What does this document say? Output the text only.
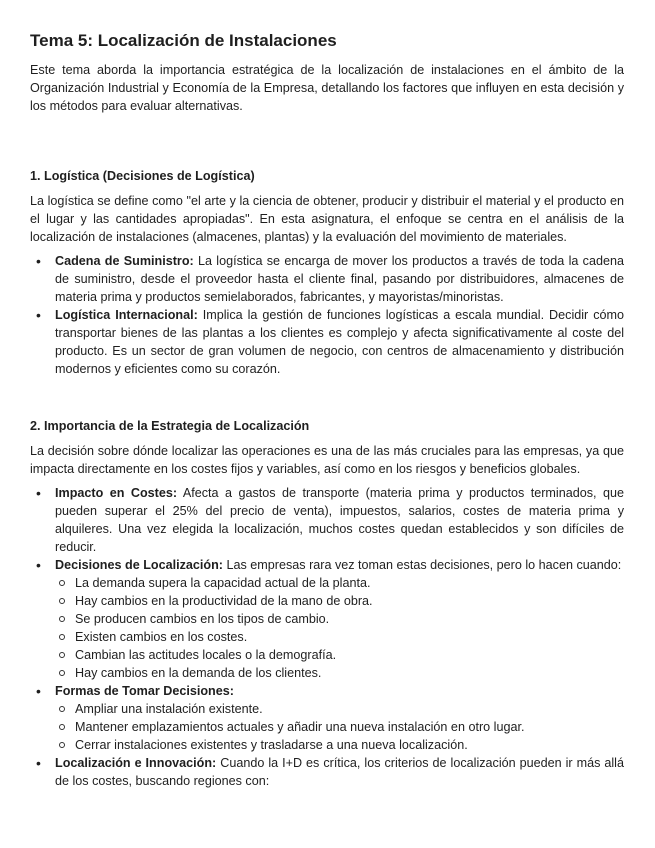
Tema 5: Localización de Instalaciones

Este tema aborda la importancia estratégica de la localización de instalaciones en el ámbito de la Organización Industrial y Economía de la Empresa, detallando los factores que influyen en esta decisión y los métodos para evaluar alternativas.

1. Logística (Decisiones de Logística)

La logística se define como "el arte y la ciencia de obtener, producir y distribuir el material y el producto en el lugar y las cantidades apropiadas". En esta asignatura, el enfoque se centra en el análisis de la localización de instalaciones (almacenes, plantas) y la evaluación del movimiento de materiales.

• Cadena de Suministro: La logística se encarga de mover los productos a través de toda la cadena de suministro, desde el proveedor hasta el cliente final, pasando por distribuidores, almacenes de materia prima y productos semielaborados, fabricantes, y mayoristas/minoristas.
• Logística Internacional: Implica la gestión de funciones logísticas a escala mundial. Decidir cómo transportar bienes de las plantas a los clientes es complejo y afecta significativamente al coste del producto. Es un sector de gran volumen de negocio, con centros de almacenamiento y distribución modernos y eficientes como su corazón.
2. Importancia de la Estrategia de Localización

La decisión sobre dónde localizar las operaciones es una de las más cruciales para las empresas, ya que impacta directamente en los costes fijos y variables, así como en los riesgos y beneficios globales.

• Impacto en Costes: Afecta a gastos de transporte (materia prima y productos terminados, que pueden superar el 25% del precio de venta), impuestos, salarios, costes de materia prima y alquileres. Una vez elegida la localización, muchos costes quedan establecidos y son difíciles de reducir.
• Decisiones de Localización: Las empresas rara vez toman estas decisiones, pero lo hacen cuando:
La demanda supera la capacidad actual de la planta.
Hay cambios en la productividad de la mano de obra.
Se producen cambios en los tipos de cambio.
Existen cambios en los costes.
Cambian las actitudes locales o la demografía.
Hay cambios en la demanda de los clientes.
• Formas de Tomar Decisiones:
Ampliar una instalación existente.
Mantener emplazamientos actuales y añadir una nueva instalación en otro lugar.
Cerrar instalaciones existentes y trasladarse a una nueva localización.
• Localización e Innovación: Cuando la I+D es crítica, los criterios de localización pueden ir más allá de los costes, buscando regiones con:
